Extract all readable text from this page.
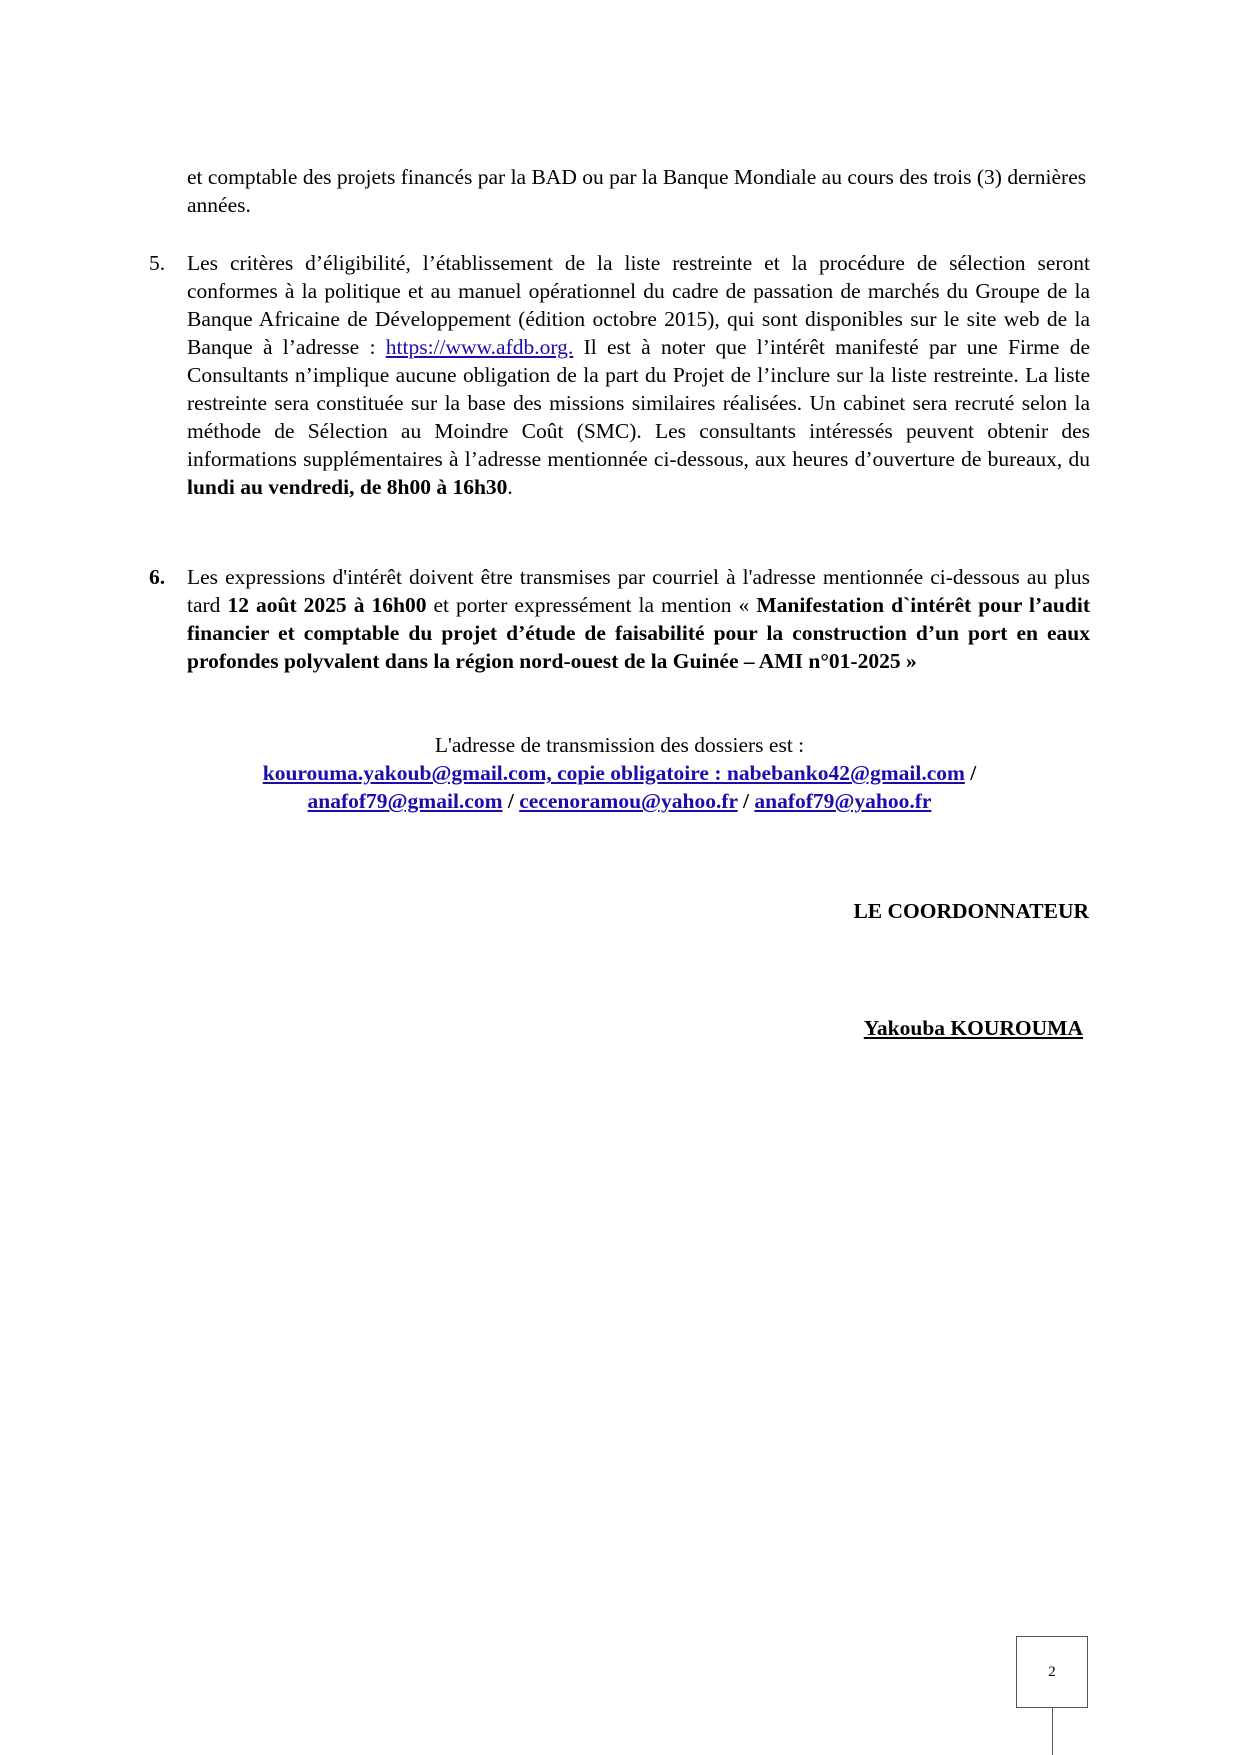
et comptable des projets financés par la BAD ou par la Banque Mondiale au cours des trois (3) dernières années.

5.	Les critères d’éligibilité, l’établissement de la liste restreinte et la procédure de sélection seront conformes à la politique et au manuel opérationnel du cadre de passation de marchés du Groupe de la Banque Africaine de Développement (édition octobre 2015), qui sont disponibles sur le site web de la Banque à l’adresse : https://www.afdb.org. Il est à noter que l’intérêt manifesté par une Firme de Consultants n’implique aucune obligation de la part du Projet de l’inclure sur la liste restreinte. La liste restreinte sera constituée sur la base des missions similaires réalisées. Un cabinet sera recruté selon la méthode de Sélection au Moindre Coût (SMC). Les consultants intéressés peuvent obtenir des informations supplémentaires à l’adresse mentionnée ci-dessous, aux heures d’ouverture de bureaux, du lundi au vendredi, de 8h00 à 16h30.

6.	Les expressions d'intérêt doivent être transmises par courriel à l'adresse mentionnée ci-dessous au plus tard 12 août 2025 à 16h00 et porter expressément la mention « Manifestation d`intérêt pour l’audit financier et comptable du projet d’étude de faisabilité pour la construction d’un port en eaux profondes polyvalent dans la région nord-ouest de la Guinée – AMI n°01-2025 »

L'adresse de transmission des dossiers est :

kourouma.yakoub@gmail.com, copie obligatoire : nabebanko42@gmail.com /

anafof79@gmail.com / cecenoramou@yahoo.fr / anafof79@yahoo.fr

LE COORDONNATEUR

Yakouba KOUROUMA

2
